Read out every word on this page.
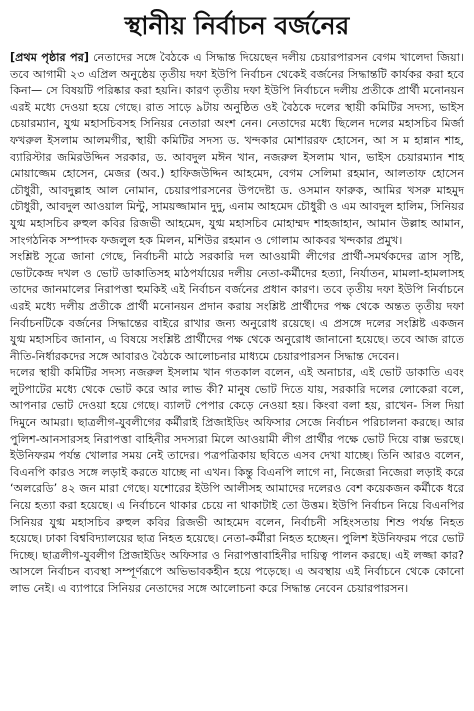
স্থানীয় নির্বাচন বর্জনের

[প্রথম পৃষ্ঠার পর] নেতাদের সঙ্গে বৈঠকে এ সিদ্ধান্ত দিয়েছেন দলীয় চেয়ারপারসন বেগম খালেদা জিয়া। তবে আগামী ২৩ এপ্রিল অনুষ্ঠেয় তৃতীয় দফা ইউপি নির্বাচন থেকেই বর্জনের সিদ্ধান্তটি কার্যকর করা হবে কিনা— সে বিষয়টি পরিষ্কার করা হয়নি। কারণ তৃতীয় দফা ইউপি নির্বাচনে দলীয় প্রতীকে প্রার্থী মনোনয়ন এরই মধ্যে দেওয়া হয়ে গেছে। রাত সাড়ে ৯টায় অনুষ্ঠিত ওই বৈঠকে দলের স্থায়ী কমিটির সদস্য, ভাইস চেয়ারম্যান, যুগ্ম মহাসচিবসহ সিনিয়র নেতারা অংশ নেন। নেতাদের মধ্যে ছিলেন দলের মহাসচিব মির্জা ফখরুল ইসলাম আলমগীর, স্থায়ী কমিটির সদস্য ড. খন্দকার মোশাররফ হোসেন, আ স ম হান্নান শাহ, ব্যারিস্টার জমিরউদ্দিন সরকার, ড. আবদুল মঈন খান, নজরুল ইসলাম খান, ভাইস চেয়ারম্যান শাহ মোয়াজ্জেম হোসেন, মেজর (অব.) হাফিজউদ্দিন আহমেদ, বেগম সেলিমা রহমান, আলতাফ হোসেন চৌধুরী, আবদুল্লাহ আল নোমান, চেয়ারপারসনের উপদেষ্টা ড. ওসমান ফারুক, আমির খসরু মাহমুদ চৌধুরী, আবদুল আওয়াল মিন্টু, সাময়জ্জামান দুদু, এনাম আহমেদ চৌধুরী ও এম আবদুল হালিম, সিনিয়র যুগ্ম মহাসচিব রুহুল কবির রিজভী আহমেদ, যুগ্ম মহাসচিব মোহাম্মদ শাহজাহান, আমান উল্লাহ আমান, সাংগঠনিক সম্পাদক ফজলুল হক মিলন, মশিউর রহমান ও গোলাম আকবর খন্দকার প্রমুখ।

সংশ্লিষ্ট সূত্রে জানা গেছে, নির্বাচনী মাঠে সরকারি দল আওয়ামী লীগের প্রার্থী-সমর্থকদের ত্রাস সৃষ্টি, ভোটকেন্দ্র দখল ও ভোট ডাকাতিসহ মাঠপর্যায়ের দলীয় নেতা-কর্মীদের হত্যা, নির্যাতন, মামলা-হামলাসহ তাদের জানমালের নিরাপত্তা হুমকিই এই নির্বাচন বর্জনের প্রধান কারণ। তবে তৃতীয় দফা ইউপি নির্বাচনে এরই মধ্যে দলীয় প্রতীকে প্রার্থী মনোনয়ন প্রদান করায় সংশ্লিষ্ট প্রার্থীদের পক্ষ থেকে অন্তত তৃতীয় দফা নির্বাচনটিকে বর্জনের সিদ্ধান্তের বাইরে রাখার জন্য অনুরোধ রয়েছে। এ প্রসঙ্গে দলের সংশ্লিষ্ট একজন যুগ্ম মহাসচিব জানান, এ বিষয়ে সংশ্লিষ্ট প্রার্থীদের পক্ষ থেকে অনুরোধ জানানো হয়েছে। তবে আজ রাতে নীতি-নির্ধারকদের সঙ্গে আবারও বৈঠকে আলোচনার মাধ্যমে চেয়ারপারসন সিদ্ধান্ত দেবেন।

দলের স্থায়ী কমিটির সদস্য নজরুল ইসলাম খান গতকাল বলেন, এই অনাচার, এই ভোট ডাকাতি এবং লুটপাটের মধ্যে থেকে ভোট করে আর লাভ কী? মানুষ ভোট দিতে যায়, সরকারি দলের লোকেরা বলে, আপনার ভোট দেওয়া হয়ে গেছে। ব্যালট পেপার কেড়ে নেওয়া হয়। কিংবা বলা হয়, রাখেন- সিল দিয়া দিমুনে আমরা। ছাত্রলীগ-যুবলীগের কর্মীরাই প্রিজাইডিং অফিসার সেজে নির্বাচন পরিচালনা করছে। আর পুলিশ-আনসারসহ নিরাপত্তা বাহিনীর সদস্যরা মিলে আওয়ামী লীগ প্রার্থীর পক্ষে ভোট দিয়ে বাক্স ভরছে। ইউনিফরম পর্যন্ত খোলার সময় নেই তাদের। পত্রপত্রিকায় ছবিতে এসব দেখা যাচ্ছে। তিনি আরও বলেন, বিএনপি কারও সঙ্গে লড়াই করতে যাচ্ছে না এখন। কিন্তু বিএনপি লাগে না, নিজেরা নিজেরা লড়াই করে ‘অলরেডি’ ৪২ জন মারা গেছে। যশোরের ইউপি আলীসহ আমাদের দলেরও বেশ কয়েকজন কর্মীকে ধরে নিয়ে হত্যা করা হয়েছে। এ নির্বাচনে থাকার চেয়ে না থাকাটাই তো উত্তম। ইউপি নির্বাচন নিয়ে বিএনপির সিনিয়র যুগ্ম মহাসচিব রুহুল কবির রিজভী আহমেদ বলেন, নির্বাচনী সহিংসতায় শিশু পর্যন্ত নিহত হয়েছে। ঢাকা বিশ্ববিদ্যালয়ের ছাত্র নিহত হয়েছে। নেতা-কর্মীরা নিহত হচ্ছেন। পুলিশ ইউনিফরম পরে ভোট দিচ্ছে। ছাত্রলীগ-যুবলীগ প্রিজাইডিং অফিসার ও নিরাপত্তাবাহিনীর দায়িত্ব পালন করছে। এই লজ্জা কার? আসলে নির্বাচন ব্যবস্থা সম্পূর্ণরূপে অভিভাবকহীন হয়ে পড়েছে। এ অবস্থায় এই নির্বাচনে থেকে কোনো লাভ নেই। এ ব্যাপারে সিনিয়র নেতাদের সঙ্গে আলোচনা করে সিদ্ধান্ত নেবেন চেয়ারপারসন।
